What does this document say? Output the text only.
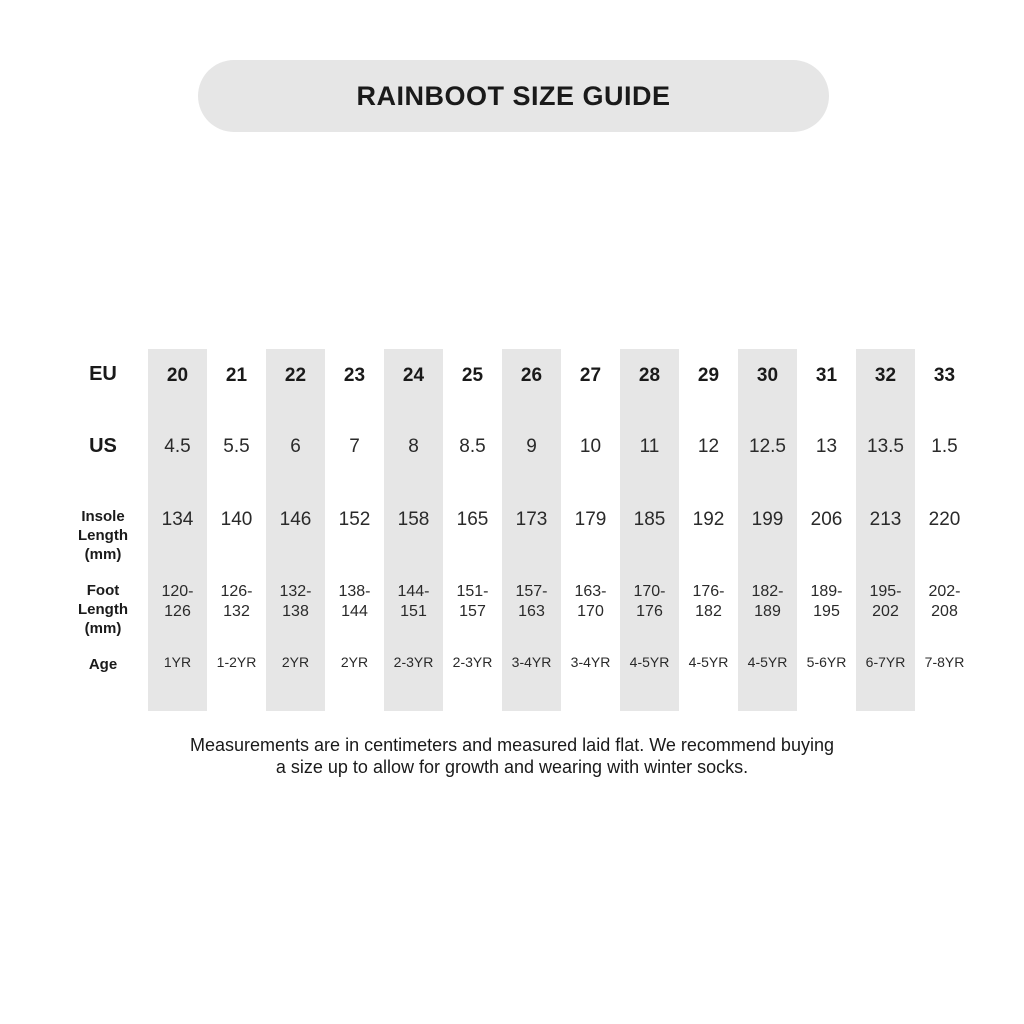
RAINBOOT SIZE GUIDE
EU
US
Insole
Length
(mm)
Foot
Length
(mm)
Age
20
4.5
134
1YR
120-
126
21
5.5
140
1-2YR
126-
132
22
6
146
2YR
132-
138
23
7
152
2YR
138-
144
24
8
158
2-3YR
144-
151
25
8.5
165
2-3YR
151-
157
26
9
173
3-4YR
157-
163
27
10
179
3-4YR
163-
170
28
11
185
4-5YR
170-
176
29
12
192
4-5YR
176-
182
30
12.5
199
4-5YR
182-
189
31
13
206
5-6YR
189-
195
32
13.5
213
6-7YR
195-
202
33
1.5
220
7-8YR
202-
208
Measurements are in centimeters and measured laid flat. We recommend buying
a size up to allow for growth and wearing with winter socks.
